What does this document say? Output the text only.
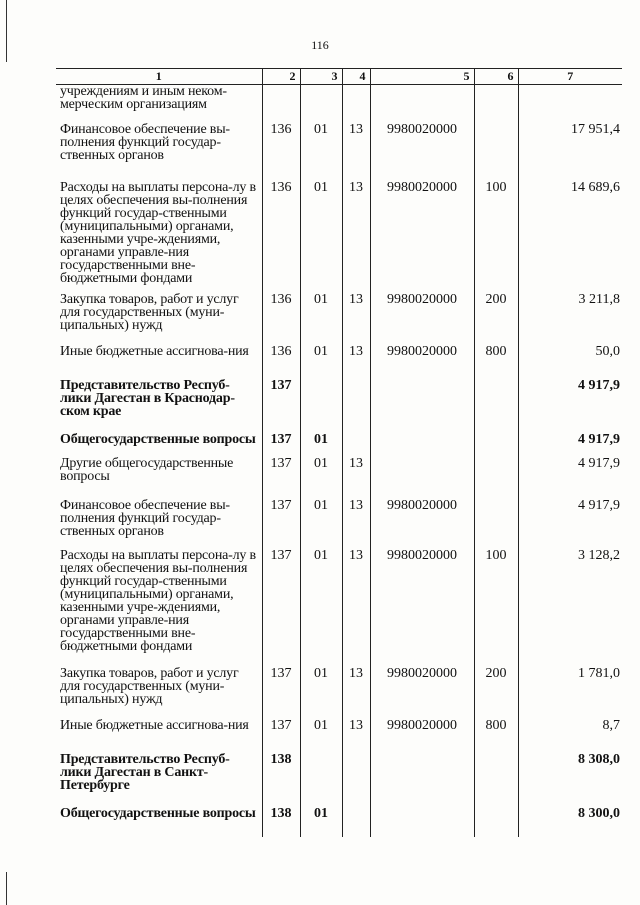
116
1	2	3	4	5	6	7
учреждениям и иным неком-мерческим организациям						
Финансовое обеспечение вы-полнения функций государ-ственных органов	136	01	13	9980020000		17 951,4
Расходы на выплаты персона-лу в целях обеспечения вы-полнения функций государ-ственными (муниципальными) органами, казенными учре-ждениями, органами управле-ния государственными вне-бюджетными фондами	136	01	13	9980020000	100	14 689,6
Закупка товаров, работ и услуг для государственных (муни-ципальных) нужд	136	01	13	9980020000	200	3 211,8
Иные бюджетные ассигнова-ния	136	01	13	9980020000	800	50,0
Представительство Респуб-лики Дагестан в Краснодар-ском крае	137					4 917,9
Общегосударственные вопросы	137	01				4 917,9
Другие общегосударственные вопросы	137	01	13			4 917,9
Финансовое обеспечение вы-полнения функций государ-ственных органов	137	01	13	9980020000		4 917,9
Расходы на выплаты персона-лу в целях обеспечения вы-полнения функций государ-ственными (муниципальными) органами, казенными учре-ждениями, органами управле-ния государственными вне-бюджетными фондами	137	01	13	9980020000	100	3 128,2
Закупка товаров, работ и услуг для государственных (муни-ципальных) нужд	137	01	13	9980020000	200	1 781,0
Иные бюджетные ассигнова-ния	137	01	13	9980020000	800	8,7
Представительство Респуб-лики Дагестан в Санкт-Петербурге	138					8 308,0
Общегосударственные вопросы	138	01				8 300,0
